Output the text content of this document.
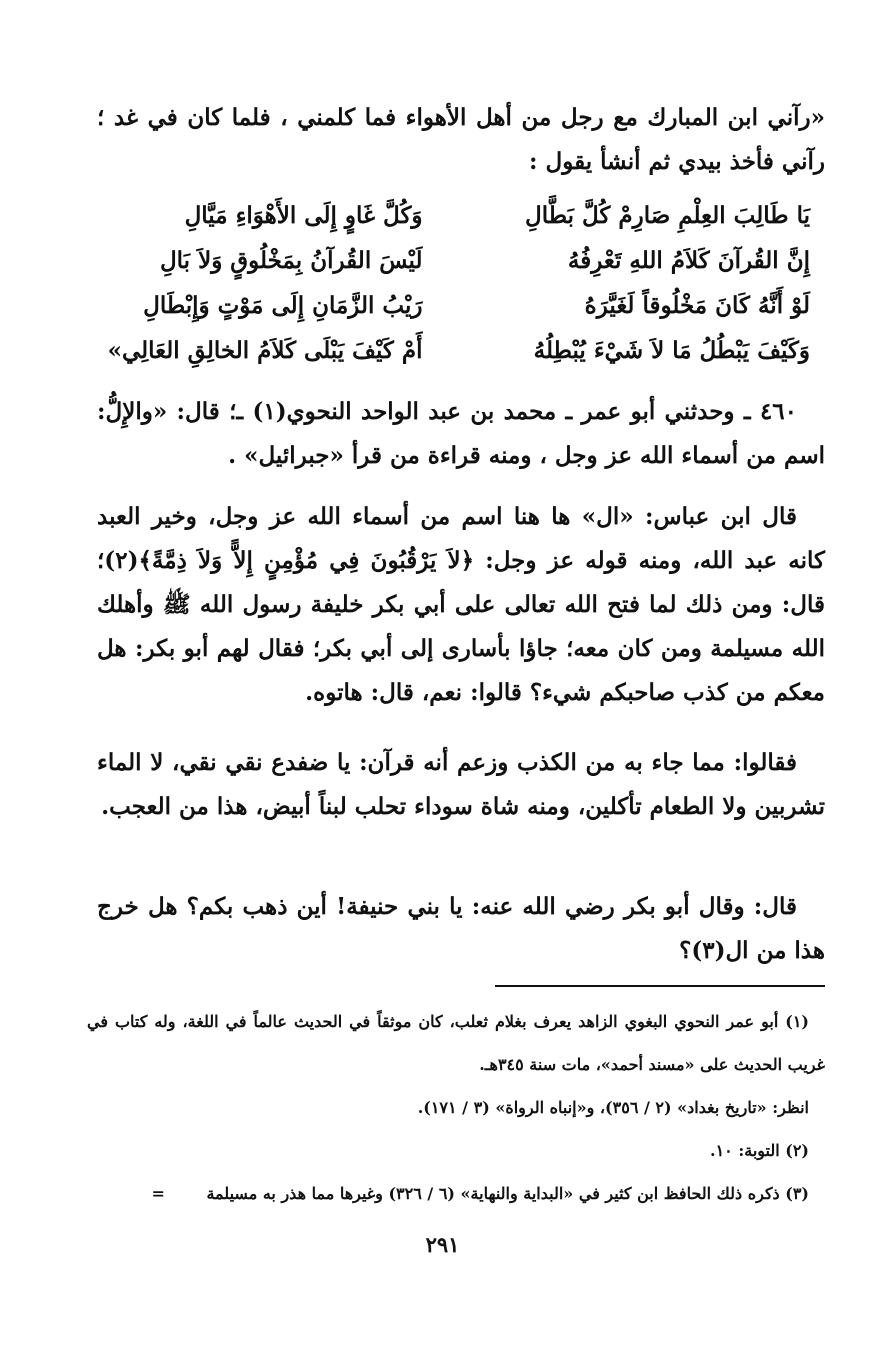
«رآني ابن المبارك مع رجل من أهل الأهواء فما كلمني ، فلما كان في غد ؛ رآني فأخذ بيدي ثم أنشأ يقول :

يَا طَالِبَ العِلْمِ صَارِمْ كُلَّ بَطَّالِ
وَكُلَّ غَاوٍ إِلَى الأَهْوَاءِ مَيَّالِ
إِنَّ القُرآنَ كَلاَمُ اللهِ تَعْرِفُهُ
لَيْسَ القُرآنُ بِمَخْلُوقٍ وَلاَ بَالِ
لَوْ أَنَّهُ كَانَ مَخْلُوقاً لَغَيَّرَهُ
رَيْبُ الزَّمَانِ إِلَى مَوْتٍ وَإِبْطَالِ
وَكَيْفَ يَبْطُلُ مَا لاَ شَيْءَ يُبْطِلُهُ
أَمْ كَيْفَ يَبْلَى كَلاَمُ الخالِقِ العَالِي»

٤٦٠ ـ وحدثني أبو عمر ـ محمد بن عبد الواحد النحوي(١) ـ؛ قال: «والإِلُّ: اسم من أسماء الله عز وجل ، ومنه قراءة من قرأ «جبرائيل» .

قال ابن عباس: «ال» ها هنا اسم من أسماء الله عز وجل، وخير العبد كانه عبد الله، ومنه قوله عز وجل: ﴿لاَ يَرْقُبُونَ فِي مُؤْمِنٍ إِلاًّ وَلاَ ذِمَّةً﴾(٢)؛ قال: ومن ذلك لما فتح الله تعالى على أبي بكر خليفة رسول الله ﷺ وأهلك الله مسيلمة ومن كان معه؛ جاؤا بأسارى إلى أبي بكر؛ فقال لهم أبو بكر: هل معكم من كذب صاحبكم شيء؟ قالوا: نعم، قال: هاتوه.

فقالوا: مما جاء به من الكذب وزعم أنه قرآن: يا ضفدع نقي نقي، لا الماء تشربين ولا الطعام تأكلين، ومنه شاة سوداء تحلب لبناً أبيض، هذا من العجب.

قال: وقال أبو بكر رضي الله عنه: يا بني حنيفة! أين ذهب بكم؟ هل خرج هذا من ال(٣)؟

(١) أبو عمر النحوي البغوي الزاهد يعرف بغلام ثعلب، كان موثقاً في الحديث عالماً في اللغة، وله كتاب في غريب الحديث على «مسند أحمد»، مات سنة ٣٤٥هـ.
انظر: «تاريخ بغداد» (٢ / ٣٥٦)، و«إنباه الرواة» (٣ / ١٧١).
(٢) التوبة: ١٠.
(٣) ذكره ذلك الحافظ ابن كثير في «البداية والنهاية» (٦ / ٣٢٦) وغيرها مما هذر به مسيلمة =
٢٩١
